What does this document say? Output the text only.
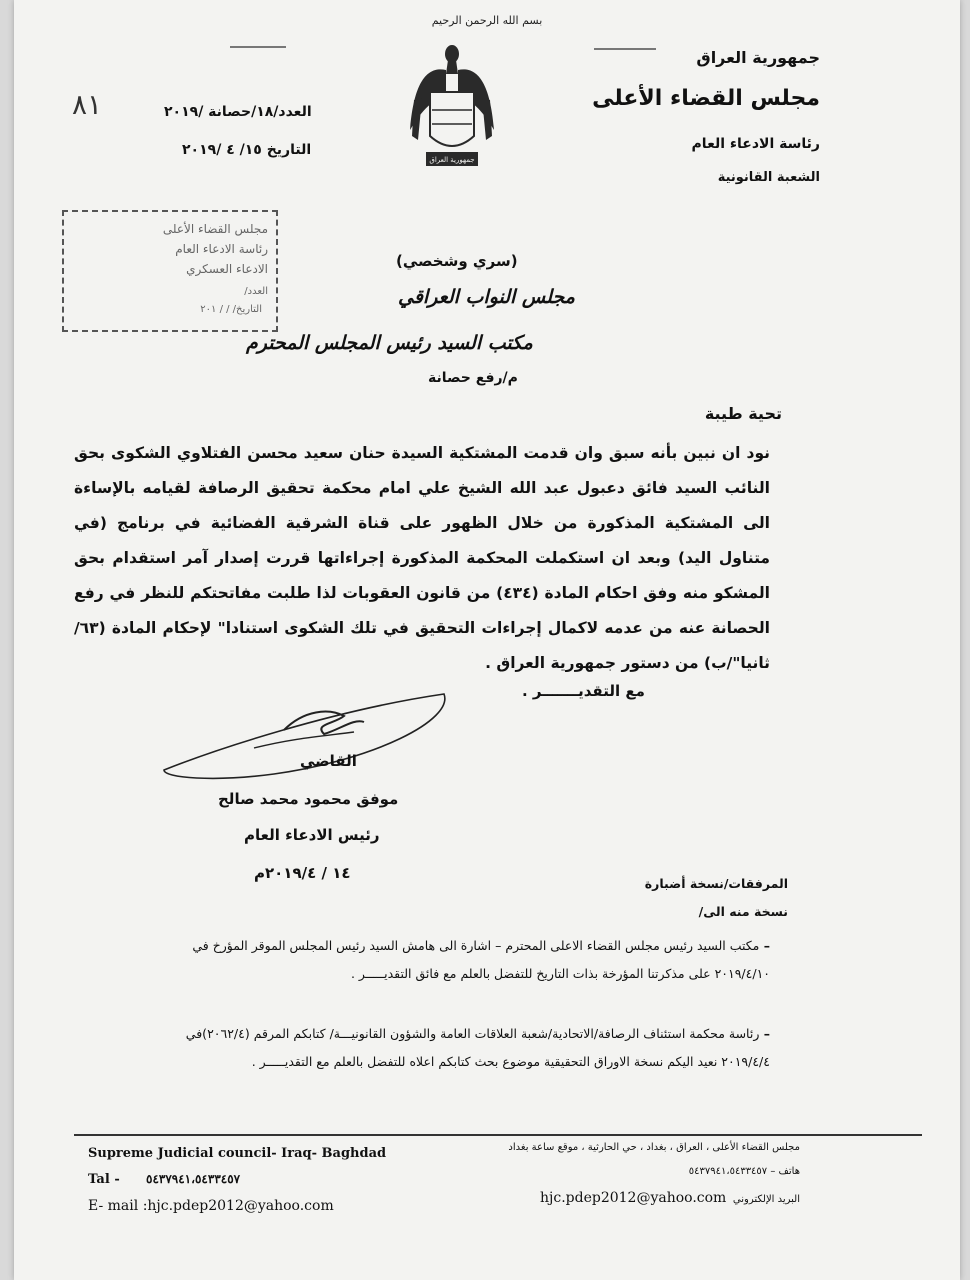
بسم الله الرحمن الرحيم
جمهورية العراق
مجلس القضاء الأعلى
رئاسة الادعاء العام
الشعبة القانونية
جمهورية العراق
٨١	العدد/١٨/حصانة /٢٠١٩
التاريخ ١٥/ ٤ /٢٠١٩
مجلس القضاء الأعلى
رئاسة الادعاء العام
الادعاء العسكري
العدد/
التاريخ/ / / ٢٠١
(سري وشخصي)
مجلس النواب العراقي
مكتب السيد رئيس المجلس المحترم
م/رفع حصانة
تحية طيبة

نود ان نبين بأنه سبق وان قدمت المشتكية السيدة حنان سعيد محسن الفتلاوي الشكوى بحق النائب السيد فائق دعبول عبد الله الشيخ علي امام محكمة تحقيق الرصافة لقيامه بالإساءة الى المشتكية المذكورة من خلال الظهور على قناة الشرقية الفضائية في برنامج (في متناول اليد) وبعد ان استكملت المحكمة المذكورة إجراءاتها قررت إصدار آمر استقدام بحق المشكو منه وفق احكام المادة (٤٣٤) من قانون العقوبات لذا طلبت مفاتحتكم للنظر في رفع الحصانة عنه من عدمه لاكمال إجراءات التحقيق في تلك الشكوى استنادا" لإحكام المادة (٦٣/ثانيا"/ب) من دستور جمهورية العراق .

مع التقديـــــــر .
القاضي
موفق محمود محمد صالح
رئيس الادعاء العام
١٤ / ٢٠١٩/٤م
المرفقات/نسخة أضبارة
نسخة منه الى/

– مكتب السيد رئيس مجلس القضاء الاعلى المحترم – اشارة الى هامش السيد رئيس المجلس الموقر المؤرخ في ٢٠١٩/٤/١٠ على مذكرتنا المؤرخة بذات التاريخ للتفضل بالعلم مع فائق التقديـــــر .

– رئاسة محكمة استئناف الرصافة/الاتحادية/شعبة العلاقات العامة والشؤون القانونيـــة/ كتابكم المرقم (٢٠٦٢/٤)في ٢٠١٩/٤/٤ نعيد اليكم نسخة الاوراق التحقيقية موضوع بحث كتابكم اعلاه للتفضل بالعلم مع التقديـــــر .

Supreme Judicial council- Iraq- Baghdad
Tal - ٥٤٣٧٩٤١،٥٤٣٣٤٥٧
E- mail :hjc.pdep2012@yahoo.com
مجلس القضاء الأعلى ، العراق ، بغداد ، حي الحارثية ، موقع ساعة بغداد
هاتف – ٥٤٣٧٩٤١،٥٤٣٣٤٥٧
البريد الإلكتروني
hjc.pdep2012@yahoo.com
